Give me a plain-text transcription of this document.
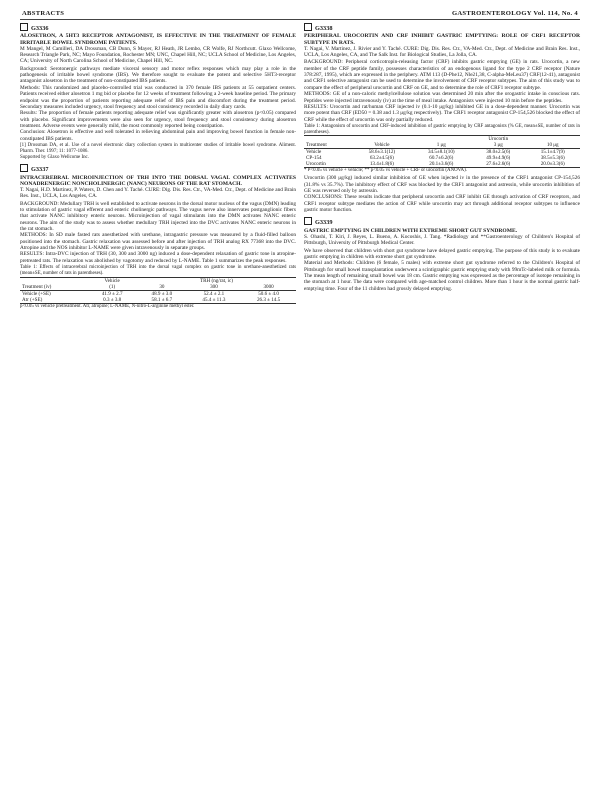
ABSTRACTS	GASTROENTEROLOGY Vol. 114, No. 4
G3336
ALOSETRON, A 5HT3 RECEPTOR ANTAGONIST, IS EFFECTIVE IN THE TREATMENT OF FEMALE IRRITABLE BOWEL SYNDROME PATIENTS.

M Mangel, M Camilleri, DA Drossman, CB Dunn, S Mayer, RJ Heath, JR Lembo, CR Wolfe, RJ Northcutt. Glaxo Wellcome, Research Triangle Park, NC; Mayo Foundation, Rochester MN; UNC, Chapel Hill, NC; UCLA School of Medicine, Los Angeles, CA; University of North Carolina School of Medicine, Chapel Hill, NC.

Background: Serotonergic pathways mediate visceral sensory and motor reflex responses which may play a role in the pathogenesis of irritable bowel syndrome (IBS). We therefore sought to evaluate the potent and selective 5HT3-receptor antagonist alosetron in the treatment of non-constipated IBS patients.

Methods: This randomized and placebo-controlled trial was conducted in 370 female IBS patients at 55 outpatient centers. Patients received either alosetron 1 mg bid or placebo for 12 weeks of treatment following a 2-week baseline period. The primary endpoint was the proportion of patients reporting adequate relief of IBS pain and discomfort during the treatment period. Secondary measures included urgency, stool frequency and stool consistency recorded in daily diary cards.

Results: The proportion of female patients reporting adequate relief was significantly greater with alosetron (p<0.05) compared with placebo. Significant improvements were also seen for urgency, stool frequency and stool consistency during alosetron treatment. Adverse events were generally mild, the most commonly reported being constipation.

Conclusion: Alosetron is effective and well tolerated in relieving abdominal pain and improving bowel function in female non-constipated IBS patients.

[1] Drossman DA, et al. Use of a novel electronic diary collection system in multicenter studies of irritable bowel syndrome. Aliment. Pharm. Ther. 1997; 11: 1077-1086.

Supported by Glaxo Wellcome Inc.

G3337
INTRACEREBRAL MICROINJECTION OF TRH INTO THE DORSAL VAGAL COMPLEX ACTIVATES NONADRENERGIC NONCHOLINERGIC (NANC) NEURONS OF THE RAT STOMACH.

T. Nagai, H.D. Martinez, P. Waters, D. Chen and Y. Taché. CURE: Dig. Dis. Res. Ctr., VA-Med. Ctr., Dept. of Medicine and Brain Res. Inst., UCLA, Los Angeles, CA.

BACKGROUND: Medullary TRH is well established to activate neurons in the dorsal motor nucleus of the vagus (DMN) leading to stimulation of gastric vagal efferent and enteric cholinergic pathways. The vagus nerve also innervates postganglionic fibers that activate NANC inhibitory enteric neurons. Microinjection of vagal stimulants into the DMN activates NANC enteric neurons. The aim of the study was to assess whether medullary TRH injected into the DVC activates NANC enteric neurons in the rat stomach.

METHODS: In SD male fasted rats anesthetized with urethane, intragastric pressure was measured by a fluid-filled balloon positioned into the stomach. Gastric relaxation was assessed before and after injection of TRH analog RX 77368 into the DVC. Atropine and the NOS inhibitor L-NAME were given intravenously in separate groups.

RESULTS: Intra-DVC injection of TRH (30, 300 and 3000 ng) induced a dose-dependent relaxation of gastric tone in atropine-pretreated rats. The relaxation was abolished by vagotomy and reduced by L-NAME. Table 1 summarizes the peak responses.

Table 1: Effects of intracerebral microinjection of TRH into the dorsal vagal complex on gastric tone in urethane-anesthetized rats (mean±SE, number of rats in parentheses).

	Vehicle	TRH (ng/rat, ic)		
Treatment (iv)	(1)	30	300	3000
Vehicle (+SE)	41.9 ± 2.7	48.9 ± 3.0	52.4 ± 2.1	50.6 ± 4.0
Atr (+SE)	0.3 ± 3.8	58.1 ± 6.7	45.4 ± 11.3	26.3 ± 14.5

p<0.05 vs vehicle pretreatment. Atr, atropine; L-NAME, N-nitro-L-arginine methyl ester.

G3338
PERIPHERAL UROCORTIN AND CRF INHIBIT GASTRIC EMPTYING: ROLE OF CRF1 RECEPTOR SUBTYPE IN RATS.

T. Nagai, V. Martinez, J. Rivier and Y. Taché. CURE: Dig. Dis. Res. Ctr., VA-Med. Ctr., Dept. of Medicine and Brain Res. Inst., UCLA, Los Angeles, CA, and The Salk Inst. for Biological Studies, La Jolla, CA.

BACKGROUND: Peripheral corticotropin-releasing factor (CRF) inhibits gastric emptying (GE) in rats. Urocortin, a new member of the CRF peptide family, possesses characteristics of an endogenous ligand for the type 2 CRF receptor (Nature 378:287, 1995), which are expressed in the periphery. ATM 113 (D-Phe12, Nle21,38, C-alpha-MeLeu37) CRF(12-41), antagonist and CRF1 selective antagonist can be used to determine the involvement of CRF receptor subtypes. The aim of this study was to compare the effect of peripheral urocortin and CRF on GE, and to determine the role of CRF1 receptor subtype.

METHODS: GE of a non-caloric methylcellulose solution was determined 20 min after the orogastric intake in conscious rats. Peptides were injected intravenously (iv) at the time of meal intake. Antagonists were injected 10 min before the peptides.

RESULTS: Urocortin and rat/human CRF injected iv (0.1-10 μg/kg) inhibited GE in a dose-dependent manner. Urocortin was more potent than CRF (ED50 = 0.38 and 1.3 μg/kg respectively). The CRF1 receptor antagonist CP-154,526 blocked the effect of CRF while the effect of urocortin was only partially reduced.

Table 1: Antagonism of urocortin and CRF-induced inhibition of gastric emptying by CRF antagonists (% GE, mean±SE, number of rats in parentheses).

			Urocortin	
Treatment	Vehicle	1 μg	3 μg	10 μg
Vehicle	58.6±3.1(12)	34.5±8.1(10)	38.0±2.5(6)	15.1±4.7(9)
CP-154	63.2±4.5(6)	60.7±6.2(6)	49.9±4.9(6)	38.5±5.3(6)
Urocortin	13.4±1.8(6)	20.1±3.6(6)	27.6±2.6(6)	20.0±3.3(6)

* P<0.05 vs vehicle + vehicle; ** p<0.05 vs vehicle + CRF or urocortin (ANOVA).

Urocortin (300 μg/kg) induced similar inhibition of GE when injected iv in the presence of the CRF1 antagonist CP-154,526 (31.8% vs 35.7%). The inhibitory effect of CRF was blocked by the CRF1 antagonist and astressin, while urocortin inhibition of GE was reversed only by astressin.

CONCLUSIONS: These results indicate that peripheral urocortin and CRF inhibit GE through activation of CRF receptors, and CRF1 receptor subtype mediates the action of CRF while urocortin may act through additional receptor subtypes to influence gastric motor function.

G3339
GASTRIC EMPTYING IN CHILDREN WITH EXTREME SHORT GUT SYNDROME.

S. Ohashi, T. Kiri, J. Reyes, L. Bueno, A. Kocoshis, J. Tang. *Radiology and **Gastroenterology of Children's Hospital of Pittsburgh, University of Pittsburgh Medical Center.

We have observed that children with short gut syndrome have delayed gastric emptying. The purpose of this study is to evaluate gastric emptying in children with extreme short gut syndrome.

Material and Methods: Children (6 female, 5 males) with extreme short gut syndrome referred to the Children's Hospital of Pittsburgh for small bowel transplantation underwent a scintigraphic gastric emptying study with 99mTc-labeled milk or formula. The mean length of remaining small bowel was 18 cm. Gastric emptying was expressed as the percentage of isotope remaining in the stomach at 1 hour. The data were compared with age-matched control children. More than 1 hour is the normal gastric half-emptying time. Four of the 11 children had grossly delayed emptying.
